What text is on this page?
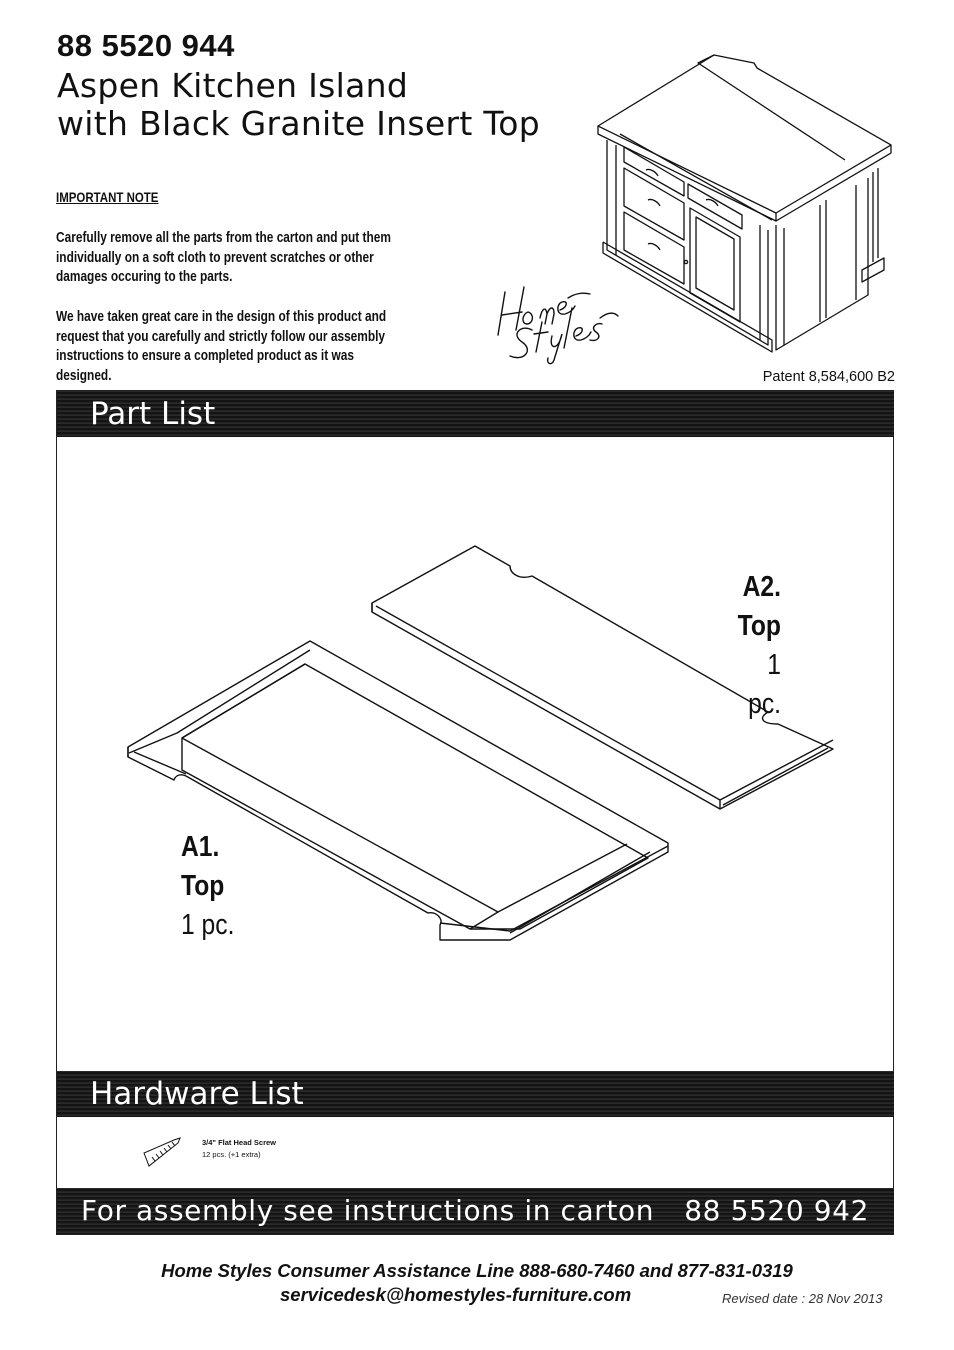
88 5520 944
Aspen Kitchen Island
with Black Granite Insert Top
IMPORTANT NOTE
Carefully remove all the parts from the carton and put them individually on a soft cloth to prevent scratches or other damages occuring to the parts.
We have taken great care in the design of this product and request that you carefully and strictly follow our assembly instructions to ensure a completed product as it was designed.	Patent 8,584,600 B2
Part List
A2.
Top
1 pc.
A1.
Top
1 pc.
Hardware List
3/4" Flat Head Screw
12 pcs. (+1 extra)
For assembly see instructions in carton 88 5520 942
Home Styles Consumer Assistance Line 888-680-7460 and 877-831-0319
servicedesk@homestyles-furniture.com	Revised date : 28 Nov 2013
